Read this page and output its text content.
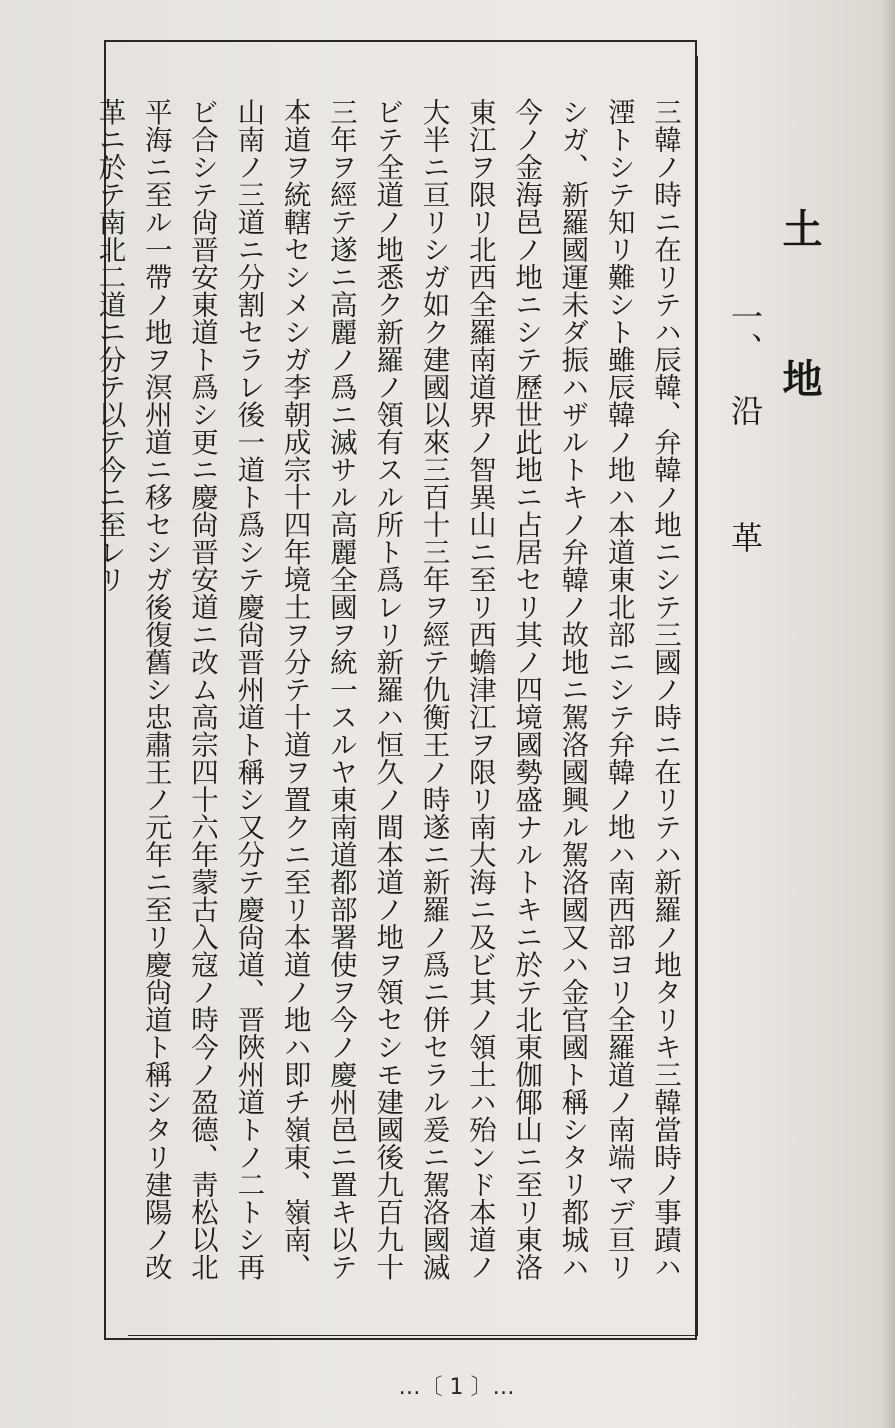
土地
一、沿革
三韓ノ時ニ在リテハ辰韓、弁韓ノ地ニシテ三國ノ時ニ在リテハ新羅ノ地タリキ三韓當時ノ事蹟ハ
湮トシテ知リ難シト雖辰韓ノ地ハ本道東北部ニシテ弁韓ノ地ハ南西部ヨリ全羅道ノ南端マデ亘リ
シガ、新羅國運未ダ振ハザルトキノ弁韓ノ故地ニ駕洛國興ル駕洛國又ハ金官國ト稱シタリ都城ハ
今ノ金海邑ノ地ニシテ歷世此地ニ占居セリ其ノ四境國勢盛ナルトキニ於テ北東伽倻山ニ至リ東洛
東江ヲ限リ北西全羅南道界ノ智異山ニ至リ西蟾津江ヲ限リ南大海ニ及ビ其ノ領土ハ殆ンド本道ノ
大半ニ亘リシガ如ク建國以來三百十三年ヲ經テ仇衡王ノ時遂ニ新羅ノ爲ニ併セラル爰ニ駕洛國滅
ビテ全道ノ地悉ク新羅ノ領有スル所ト爲レリ新羅ハ恒久ノ間本道ノ地ヲ領セシモ建國後九百九十
三年ヲ經テ遂ニ高麗ノ爲ニ滅サル高麗全國ヲ統一スルヤ東南道都部署使ヲ今ノ慶州邑ニ置キ以テ
本道ヲ統轄セシメシガ李朝成宗十四年境土ヲ分テ十道ヲ置クニ至リ本道ノ地ハ即チ嶺東、嶺南、
山南ノ三道ニ分割セラレ後一道ト爲シテ慶尙晋州道ト稱シ又分テ慶尙道、晋陜州道トノ二トシ再
ビ合シテ尙晋安東道ト爲シ更ニ慶尙晋安道ニ改ム高宗四十六年蒙古入寇ノ時今ノ盈德、靑松以北
平海ニ至ル一帶ノ地ヲ溟州道ニ移セシガ後復舊シ忠肅王ノ元年ニ至リ慶尙道ト稱シタリ建陽ノ改
革ニ於テ南北二道ニ分テ以テ今ニ至レリ
…〔 1 〕…
